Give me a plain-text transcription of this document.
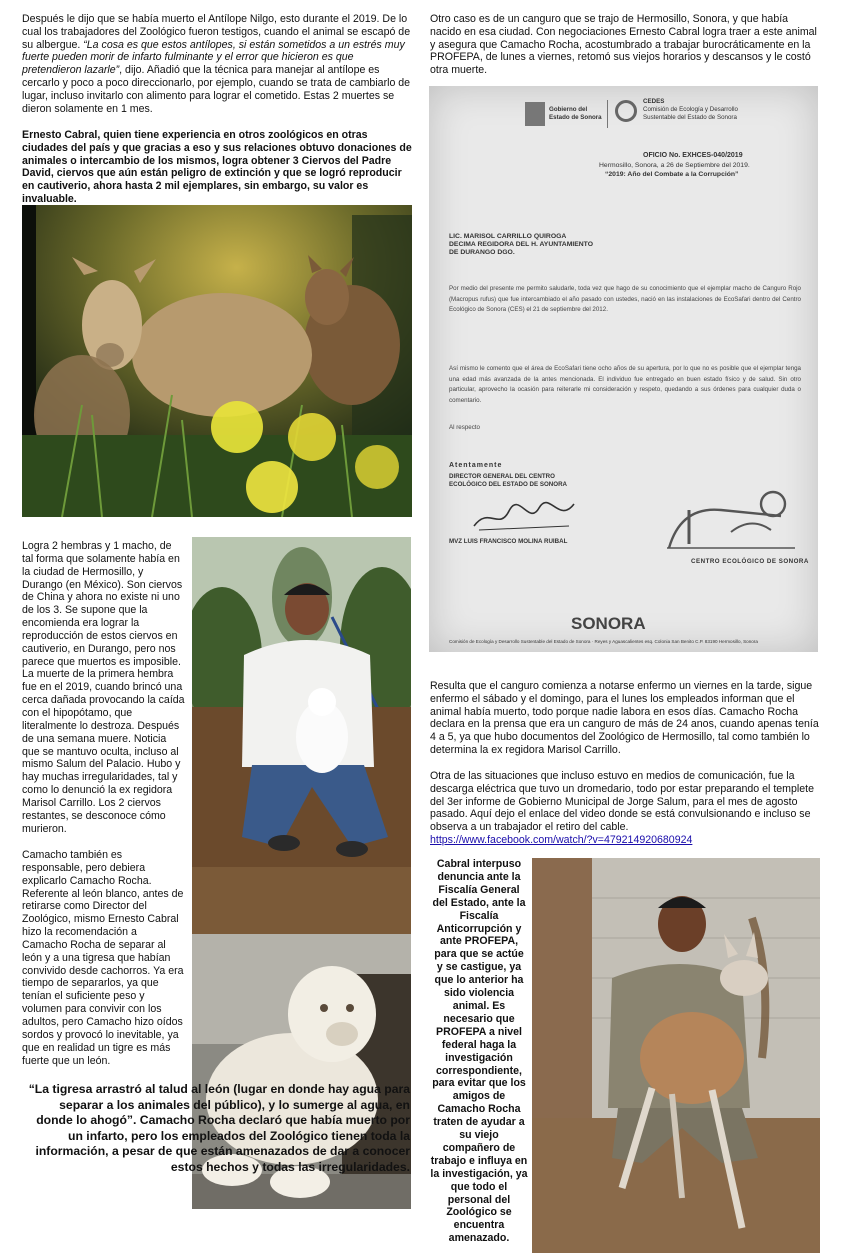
Después le dijo que se había muerto el Antílope Nilgo, esto durante el 2019. De lo cual los trabajadores del Zoológico fueron testigos, cuando el animal se escapó de su albergue. “La cosa es que estos antílopes, si están sometidos a un estrés muy fuerte pueden morir de infarto fulminante y el error que hicieron es que pretendieron lazarle”, dijo. Añadió que la técnica para manejar al antílope es cercarlo y poco a poco direccionarlo, por ejemplo, cuando se trata de cambiarlo de lugar, incluso invitarlo con alimento para lograr el cometido. Estas 2 muertes se dieron solamente en 1 mes.

Ernesto Cabral, quien tiene experiencia en otros zoológicos en otras ciudades del país y que gracias a eso y sus relaciones obtuvo donaciones de animales o intercambio de los mismos, logra obtener 3 Ciervos del Padre David, ciervos que aún están peligro de extinción y que se logró reproducir en cautiverio, ahora hasta 2 mil ejemplares, sin embargo, su valor es invaluable.

Otro caso es de un canguro que se trajo de Hermosillo, Sonora, y que había nacido en esa ciudad. Con negociaciones Ernesto Cabral logra traer a este animal y asegura que Camacho Rocha, acostumbrado a trabajar burocráticamente en la PROFEPA, de lunes a viernes, retomó sus viejos horarios y descansos y le costó otra muerte.

Gobierno del
Estado de Sonora
CEDES
Comisión de Ecología y Desarrollo
Sustentable del Estado de Sonora
OFICIO No. EXHCES-040/2019
Hermosillo, Sonora, a 26 de Septiembre del 2019.
“2019: Año del Combate a la Corrupción”
LIC. MARISOL CARRILLO QUIROGA
DECIMA REGIDORA DEL H. AYUNTAMIENTO
DE DURANGO DGO.
Por medio del presente me permito saludarle, toda vez que hago de su conocimiento que el ejemplar macho de Canguro Rojo (Macropus rufus) que fue intercambiado el año pasado con ustedes, nació en las instalaciones de EcoSafari dentro del Centro Ecológico de Sonora (CES) el 21 de septiembre del 2012.
Así mismo le comento que el área de EcoSafari tiene ocho años de su apertura, por lo que no es posible que el ejemplar tenga una edad más avanzada de la antes mencionada. El individuo fue entregado en buen estado físico y de salud. Sin otro particular, aprovecho la ocasión para reiterarle mi consideración y respeto, quedando a sus órdenes para cualquier duda o comentario.
Al respecto
Atentamente
DIRECTOR GENERAL DEL CENTRO
ECOLÓGICO DEL ESTADO DE SONORA
MVZ LUIS FRANCISCO MOLINA RUIBAL
CENTRO ECOLÓGICO DE SONORA
SONORA
Comisión de Ecología y Desarrollo Sustentable del Estado de Sonora · Reyes y Aguascalientes esq. Colonia San Benito C.P. 83190 Hermosillo, Sonora

Logra 2 hembras y 1 macho, de tal forma que solamente había en la ciudad de Hermosillo, y Durango (en México). Son ciervos de China y ahora no existe ni uno de los 3. Se supone que la encomienda era lograr la reproducción de estos ciervos en cautiverio, en Durango, pero nos parece que muertos es imposible. La muerte de la primera hembra fue en el 2019, cuando brincó una cerca dañada provocando la caída con el hipopótamo, que literalmente lo destroza. Después de una semana muere. Noticia que se mantuvo oculta, incluso al mismo Salum del Palacio. Hubo y hay muchas irregularidades, tal y como lo denunció la ex regidora Marisol Carrillo. Los 2 ciervos restantes, se desconoce cómo murieron.

Camacho también es responsable, pero debiera explicarlo Camacho Rocha. Referente al león blanco, antes de retirarse como Director del Zoológico, mismo Ernesto Cabral hizo la recomendación a Camacho Rocha de separar al león y a una tigresa que habían convivido desde cachorros. Ya era tiempo de separarlos, ya que tenían el suficiente peso y volumen para convivir con los adultos, pero Camacho hizo oídos sordos y provocó lo inevitable, ya que en realidad un tigre es más fuerte que un león.

“La tigresa arrastró al talud al león (lugar en donde hay agua para separar a los animales del público), y lo sumerge al agua, en donde lo ahogó”. Camacho Rocha declaró que había muerto por un infarto, pero los empleados del Zoológico tienen toda la información, a pesar de que están amenazados de dar a conocer estos hechos y todas las irregularidades.

Resulta que el canguro comienza a notarse enfermo un viernes en la tarde, sigue enfermo el sábado y el domingo, para el lunes los empleados informan que el animal había muerto, todo porque nadie labora en esos días. Camacho Rocha declara en la prensa que era un canguro de más de 24 anos, cuando apenas tenía 4 a 5, ya que hubo documentos del Zoológico de Hermosillo, tal como también lo determina la ex regidora Marisol Carrillo.

Otra de las situaciones que incluso estuvo en medios de comunicación, fue la descarga eléctrica que tuvo un dromedario, todo por estar preparando el templete del 3er informe de Gobierno Municipal de Jorge Salum, para el mes de agosto pasado. Aquí dejo el enlace del video donde se está convulsionando e incluso se observa a un trabajador el retiro del cable.

https://www.facebook.com/watch/?v=479214920680924

Cabral interpuso denuncia ante la Fiscalía General del Estado, ante la Fiscalía Anticorrupción y ante PROFEPA, para que se actúe y se castigue, ya que lo anterior ha sido violencia animal. Es necesario que PROFEPA a nivel federal haga la investigación correspondiente, para evitar que los amigos de Camacho Rocha traten de ayudar a su viejo compañero de trabajo e influya en la investigación, ya que todo el personal del Zoológico se encuentra amenazado.
